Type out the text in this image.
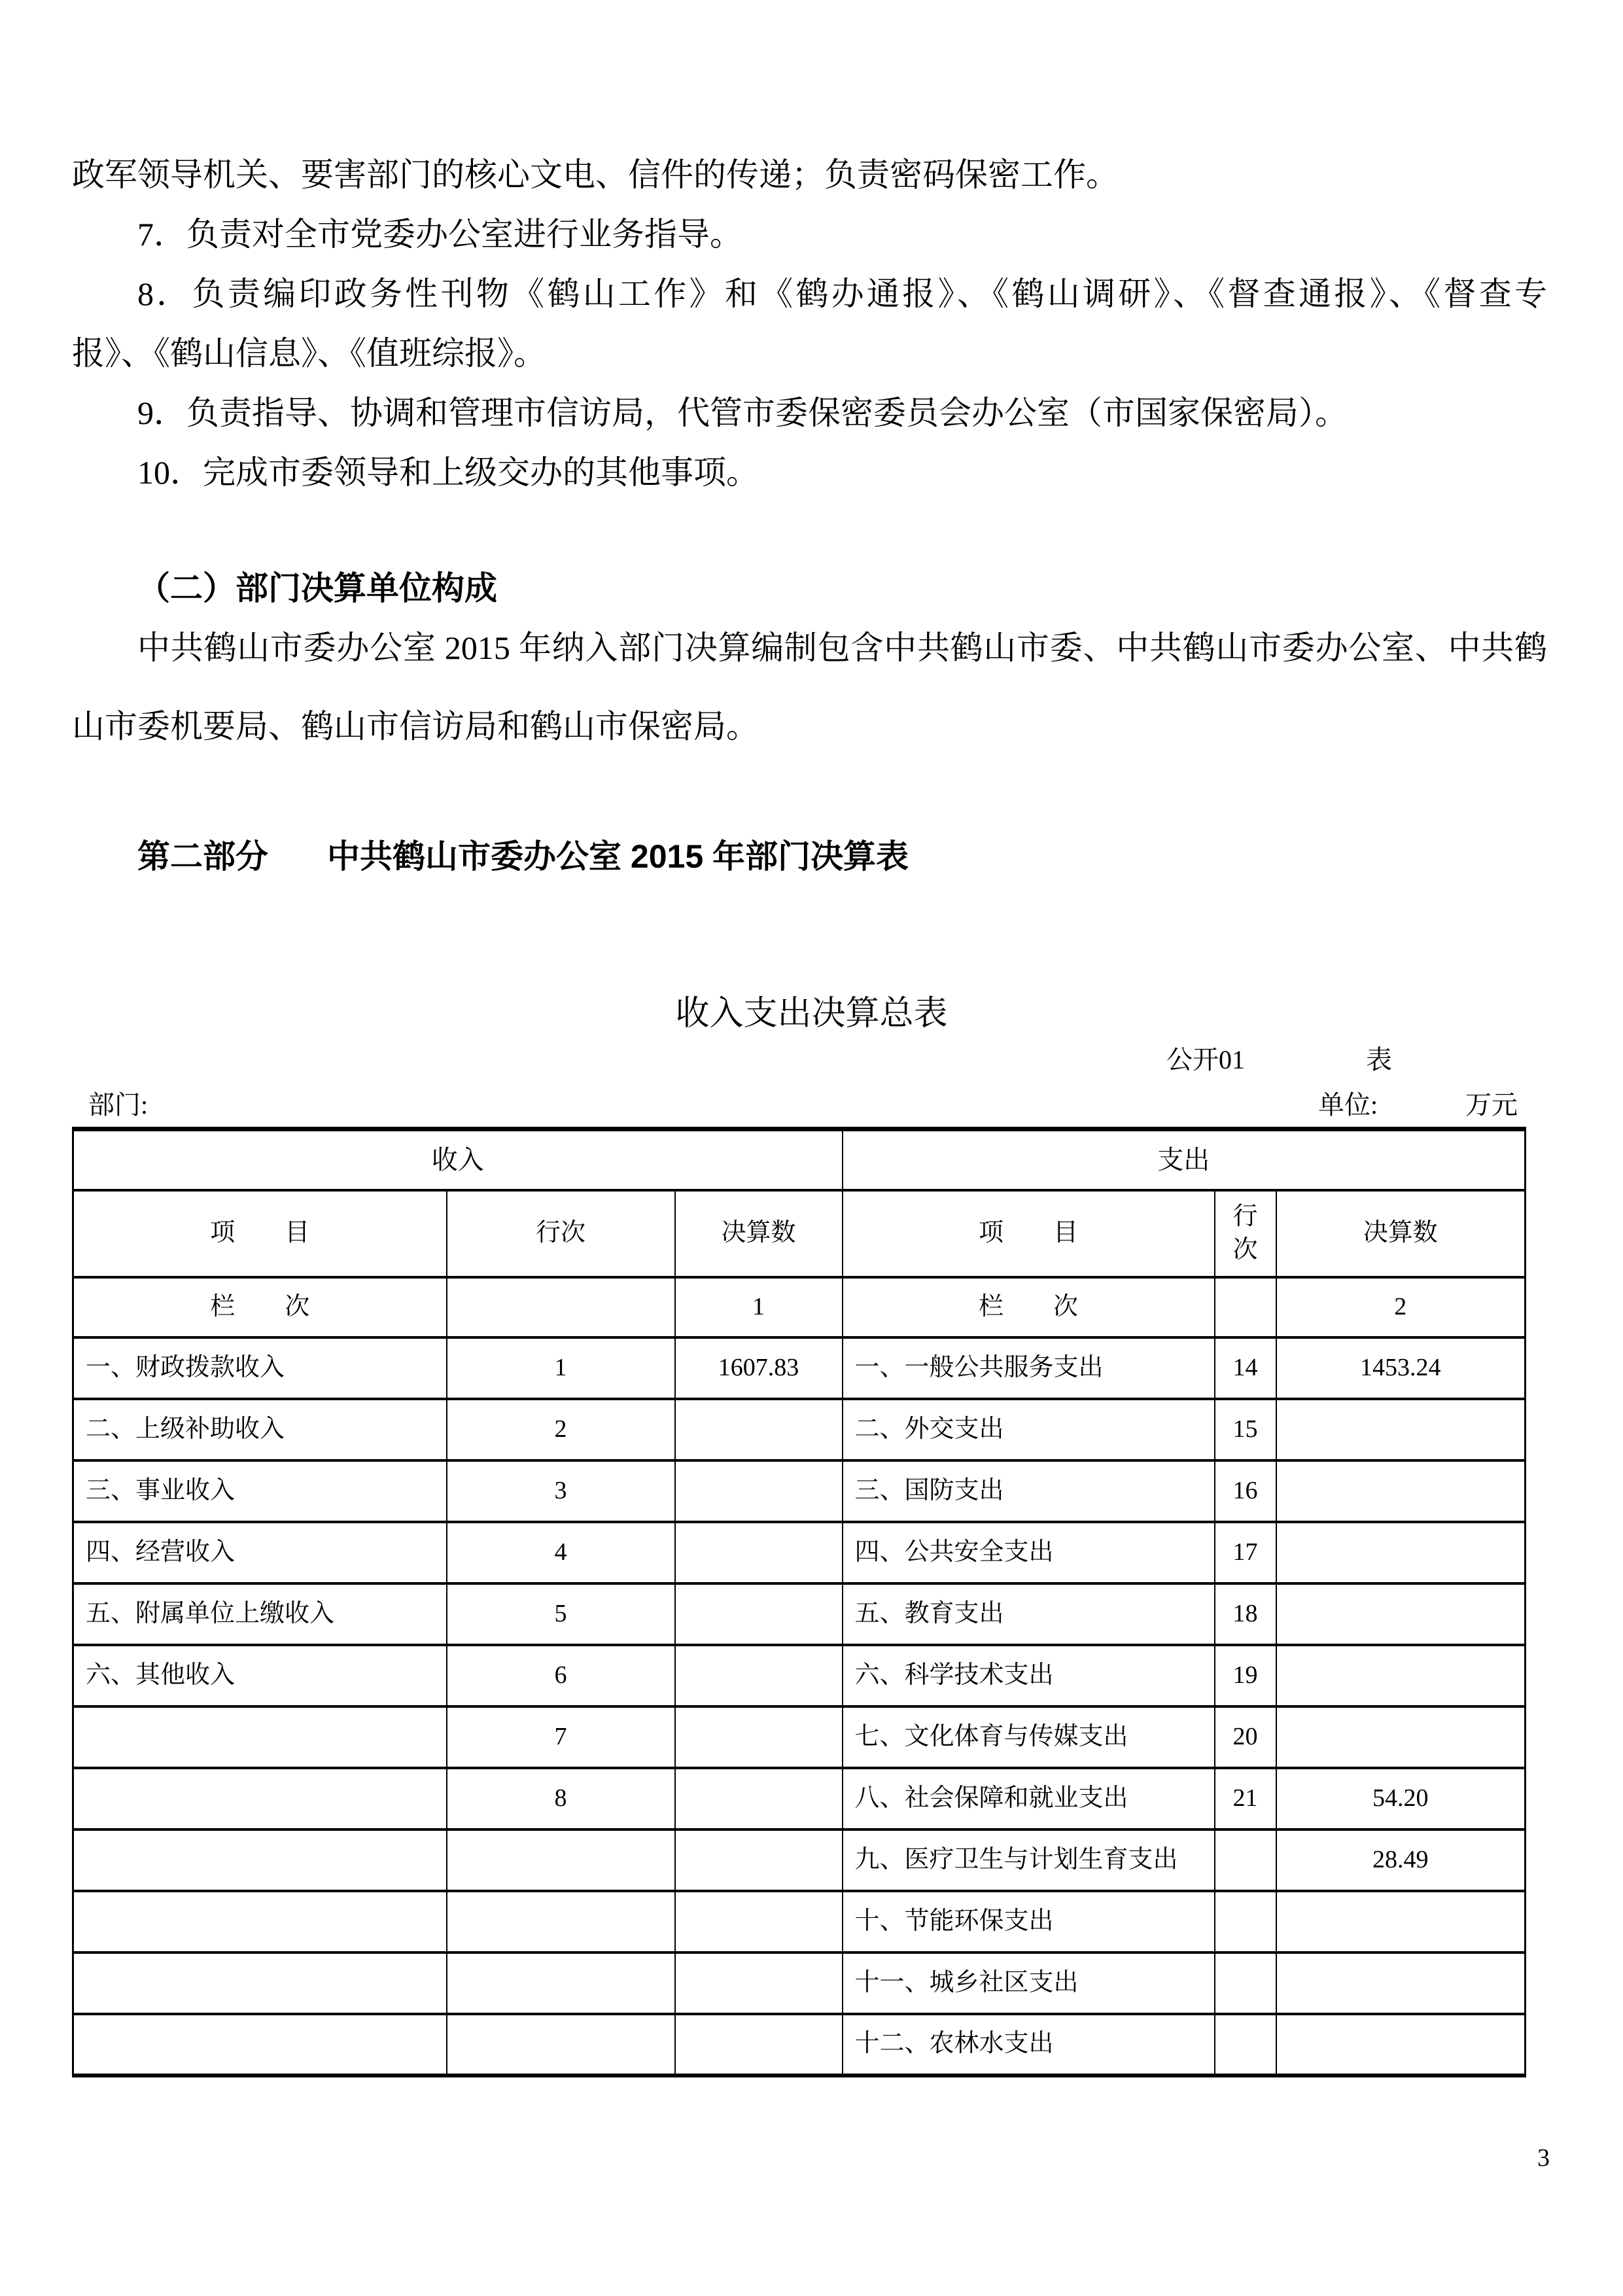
政军领导机关、要害部门的核心文电、信件的传递；负责密码保密工作。
7．负责对全市党委办公室进行业务指导。
8．负责编印政务性刊物《鹤山工作》和《鹤办通报》、《鹤山调研》、《督查通报》、《督查专
报》、《鹤山信息》、《值班综报》。
9．负责指导、协调和管理市信访局，代管市委保密委员会办公室（市国家保密局）。
10．完成市委领导和上级交办的其他事项。
（二）部门决算单位构成
中共鹤山市委办公室 2015 年纳入部门决算编制包含中共鹤山市委、中共鹤山市委办公室、中共鹤
山市委机要局、鹤山市信访局和鹤山市保密局。
第二部分 中共鹤山市委办公室 2015 年部门决算表
收入支出决算总表
公开01	表
部门:	单位:	万元
收入			支出		
项　　目	行次	决算数	项　　目	行次	决算数
栏　　次		1	栏　　次		2
一、财政拨款收入	1	1607.83	一、一般公共服务支出	14	1453.24
二、上级补助收入	2		二、外交支出	15	
三、事业收入	3		三、国防支出	16	
四、经营收入	4		四、公共安全支出	17	
五、附属单位上缴收入	5		五、教育支出	18	
六、其他收入	6		六、科学技术支出	19	
	7		七、文化体育与传媒支出	20	
	8		八、社会保障和就业支出	21	54.20
			九、医疗卫生与计划生育支出		28.49
			十、节能环保支出		
			十一、城乡社区支出		
			十二、农林水支出		
3
